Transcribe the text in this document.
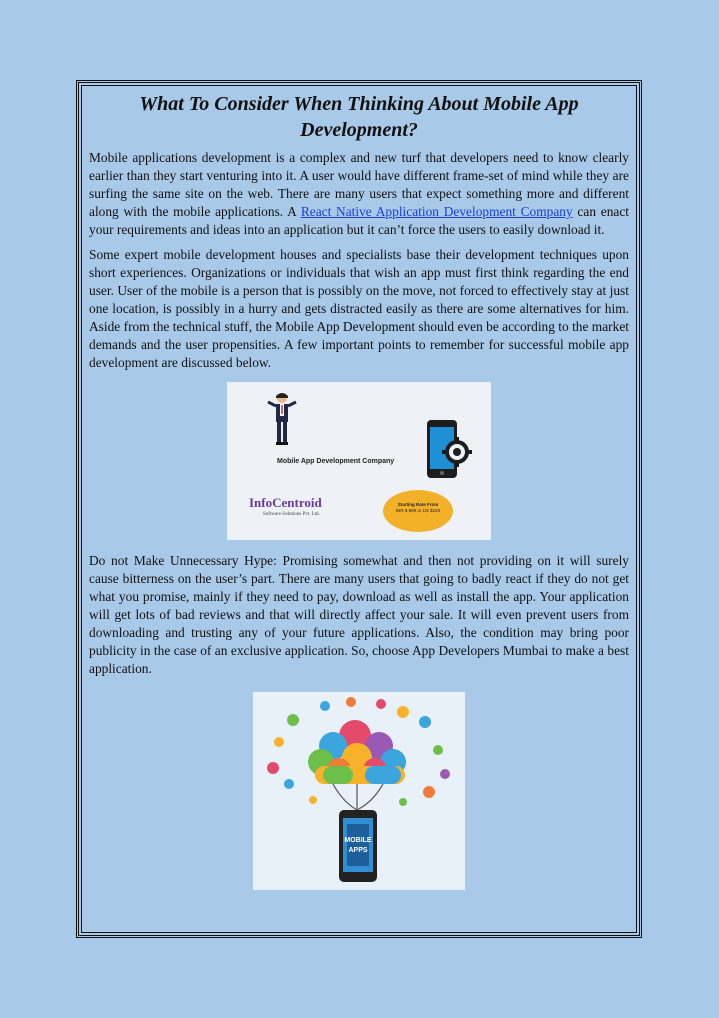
What To Consider When Thinking About Mobile App Development?

Mobile applications development is a complex and new turf that developers need to know clearly earlier than they start venturing into it. A user would have different frame-set of mind while they are surfing the same site on the web. There are many users that expect something more and different along with the mobile applications. A React Native Application Development Company can enact your requirements and ideas into an application but it can’t force the users to easily download it.

Some expert mobile development houses and specialists base their development techniques upon short experiences. Organizations or individuals that wish an app must first think regarding the end user. User of the mobile is a person that is possibly on the move, not forced to effectively stay at just one location, is possibly in a hurry and gets distracted easily as there are some alternatives for him. Aside from the technical stuff, the Mobile App Development should even be according to the market demands and the user propensities. A few important points to remember for successful mobile app development are discussed below.

Mobile App Development Company
InfoCentroid
Software Solutions Pvt. Ltd.
Starting Rate From
INR 9,999 or US $150

Do not Make Unnecessary Hype: Promising somewhat and then not providing on it will surely cause bitterness on the user’s part. There are many users that going to badly react if they do not get what you promise, mainly if they need to pay, download as well as install the app. Your application will get lots of bad reviews and that will directly affect your sale. It will even prevent users from downloading and trusting any of your future applications. Also, the condition may bring poor publicity in the case of an exclusive application. So, choose App Developers Mumbai to make a best application.

MOBILE
APPS
